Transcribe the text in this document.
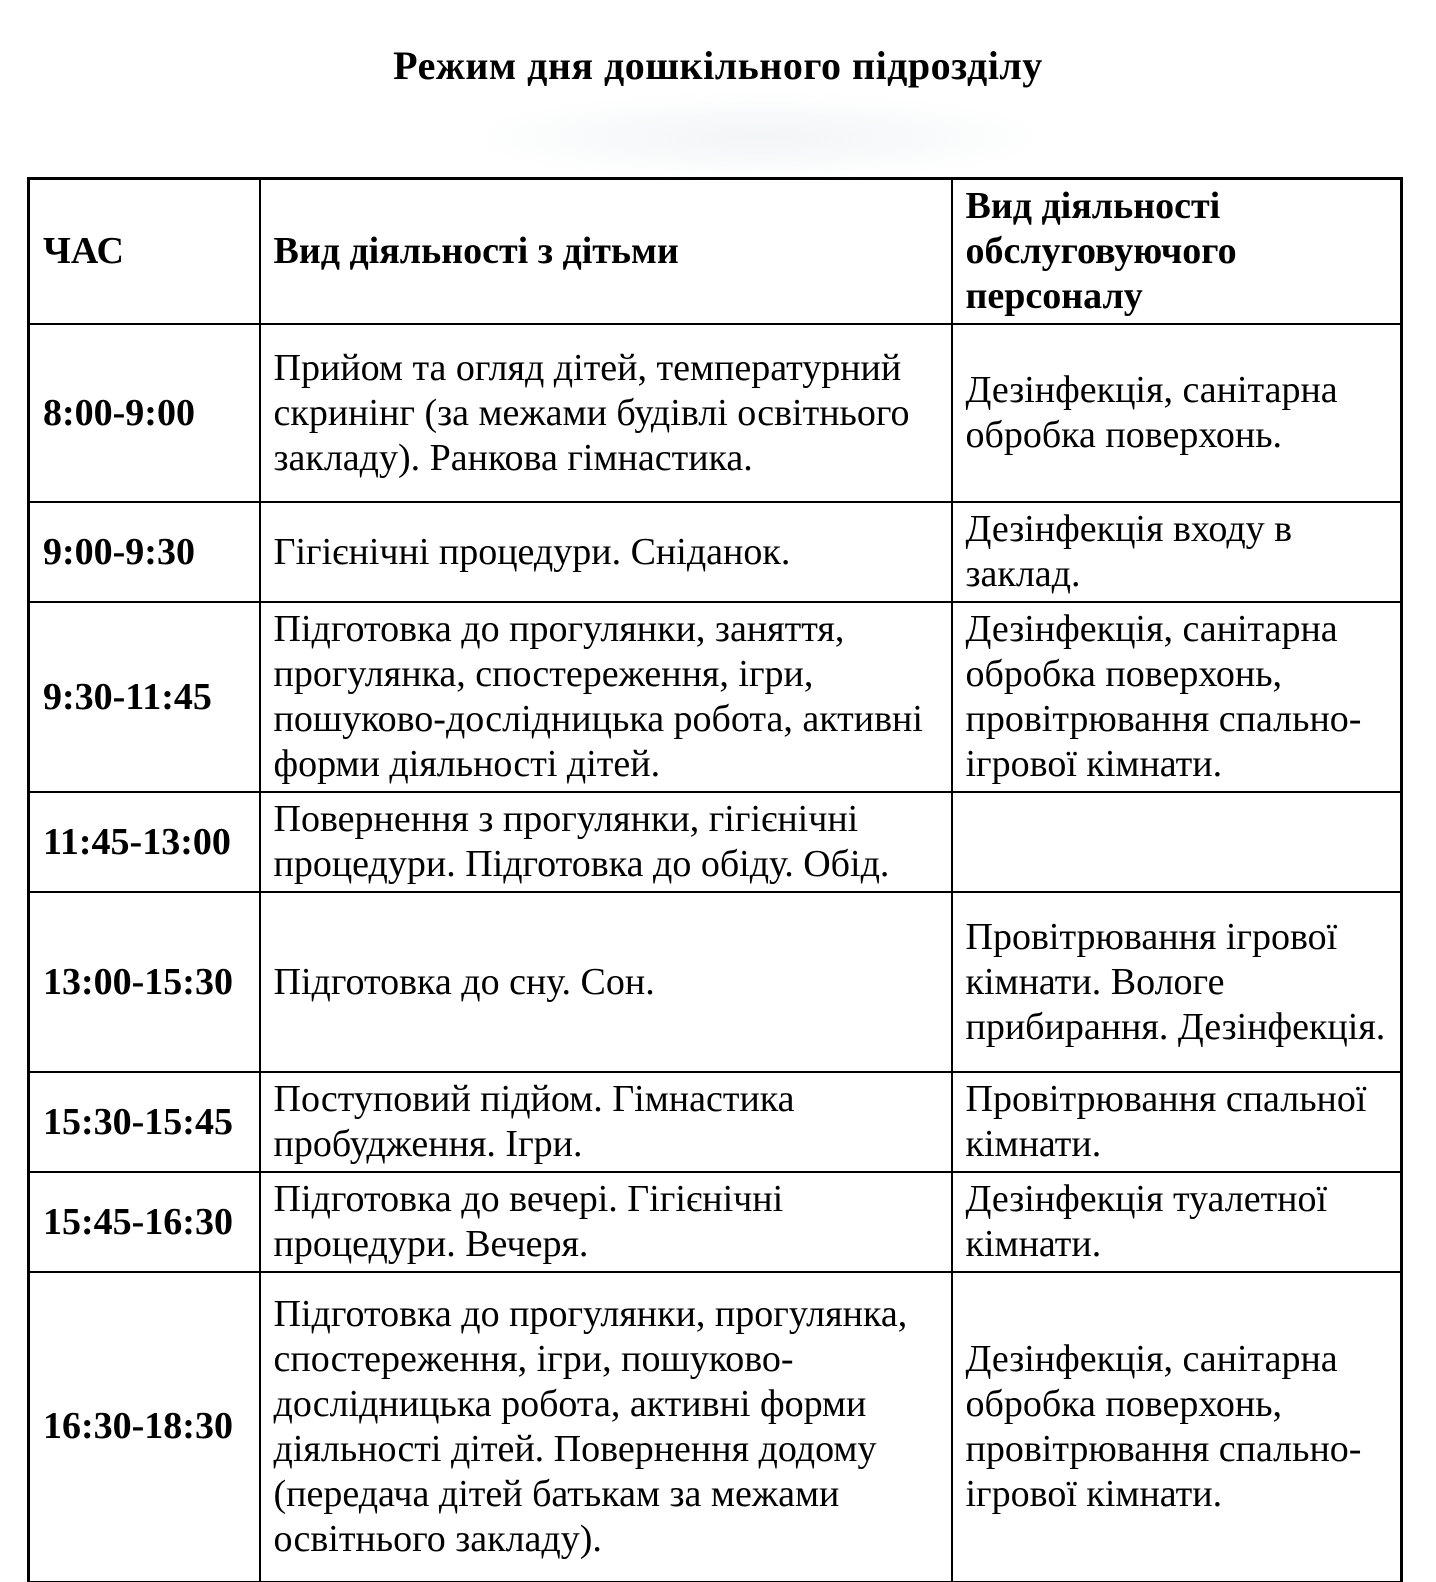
Режим дня дошкільного підрозділу
ЧАС	Вид діяльності з дітьми	Вид діяльності обслуговуючого персоналу
8:00-9:00	Прийом та огляд дітей, температурний скринінг (за межами будівлі освітнього закладу). Ранкова гімнастика.	Дезінфекція, санітарна обробка поверхонь.
9:00-9:30	Гігієнічні процедури. Сніданок.	Дезінфекція входу в заклад.
9:30-11:45	Підготовка до прогулянки, заняття, прогулянка, спостереження, ігри, пошуково-дослідницька робота, активні форми діяльності дітей.	Дезінфекція, санітарна обробка поверхонь, провітрювання спально-ігрової кімнати.
11:45-13:00	Повернення з прогулянки, гігієнічні процедури. Підготовка до обіду. Обід.	
13:00-15:30	Підготовка до сну. Сон.	Провітрювання ігрової кімнати. Вологе прибирання. Дезінфекція.
15:30-15:45	Поступовий підйом. Гімнастика пробудження. Ігри.	Провітрювання спальної кімнати.
15:45-16:30	Підготовка до вечері. Гігієнічні процедури. Вечеря.	Дезінфекція туалетної кімнати.
16:30-18:30	Підготовка до прогулянки, прогулянка, спостереження, ігри, пошуково-дослідницька робота, активні форми діяльності дітей. Повернення додому (передача дітей батькам за межами освітнього закладу).	Дезінфекція, санітарна обробка поверхонь, провітрювання спально-ігрової кімнати.
